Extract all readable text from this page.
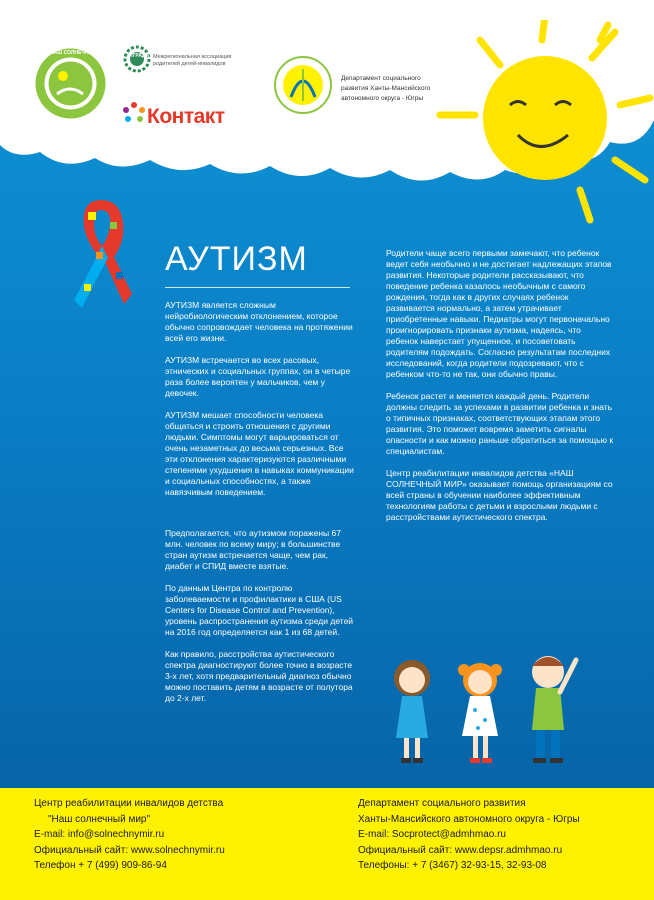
НАШ СОЛНЕЧНЫЙ МИР	ИГРАДА Межрегиональная ассоциация родителей детей-инвалидов
Контакт
Департамент социального
развития Ханты-Мансийского
автономного округа - Югры
АУТИЗМ

АУТИЗМ является сложным нейробиологическим отклонением, которое обычно сопровождает человека на протяжении всей его жизни.

АУТИЗМ встречается во всех расовых, этнических и социальных группах, он в четыре раза более вероятен у мальчиков, чем у девочек.

АУТИЗМ мешает способности человека общаться и строить отношения с другими людьми. Симптомы могут варьироваться от очень незаметных до весьма серьезных. Все эти отклонения характеризуются различными степенями ухудшения в навыках коммуникации и социальных способностях, а также навязчивым поведением.

Предполагается, что аутизмом поражены 67 млн. человек по всему миру; в большинстве стран аутизм встречается чаще, чем рак, диабет и СПИД вместе взятые.

По данным Центра по контролю заболеваемости и профилактики в США (US Centers for Disease Control and Prevention), уровень распространения аутизма среди детей на 2016 год определяется как 1 из 68 детей.

Как правило, расстройства аутистического спектра диагностируют более точно в возрасте 3-х лет, хотя предварительный диагноз обычно можно поставить детям в возрасте от полутора до 2-х лет.

Родители чаще всего первыми замечают, что ребенок ведет себя необычно и не достигает надлежащих этапов развития. Некоторые родители рассказывают, что поведение ребенка казалось необычным с самого рождения, тогда как в других случаях ребенок развивается нормально, а затем утрачивает приобретенные навыки. Педиатры могут первоначально проигнорировать признаки аутизма, надеясь, что ребенок наверстает упущенное, и посоветовать родителям подождать. Согласно результатам последних исследований, когда родители подозревают, что с ребенком что-то не так, они обычно правы.

Ребенок растет и меняется каждый день. Родители должны следить за успехами в развитии ребенка и знать о типичных признаках, соответствующих этапам этого развития. Это поможет вовремя заметить сигналы опасности и как можно раньше обратиться за помощью к специалистам.

Центр реабилитации инвалидов детства «НАШ СОЛНЕЧНЫЙ МИР» оказывает помощь организациям со всей страны в обучении наиболее эффективным технологиям работы с детьми и взрослыми людьми с расстройствами аутистического спектра.

Центр реабилитации инвалидов детства
"Наш солнечный мир"
E-mail: info@solnechnymir.ru
Официальный сайт: www.solnechnymir.ru
Телефон + 7 (499) 909-86-94
Департамент социального развития
Ханты-Мансийского автономного округа - Югры
E-mail: Socprotect@admhmao.ru
Официальный сайт: www.depsr.admhmao.ru
Телефоны: + 7 (3467) 32-93-15, 32-93-08
